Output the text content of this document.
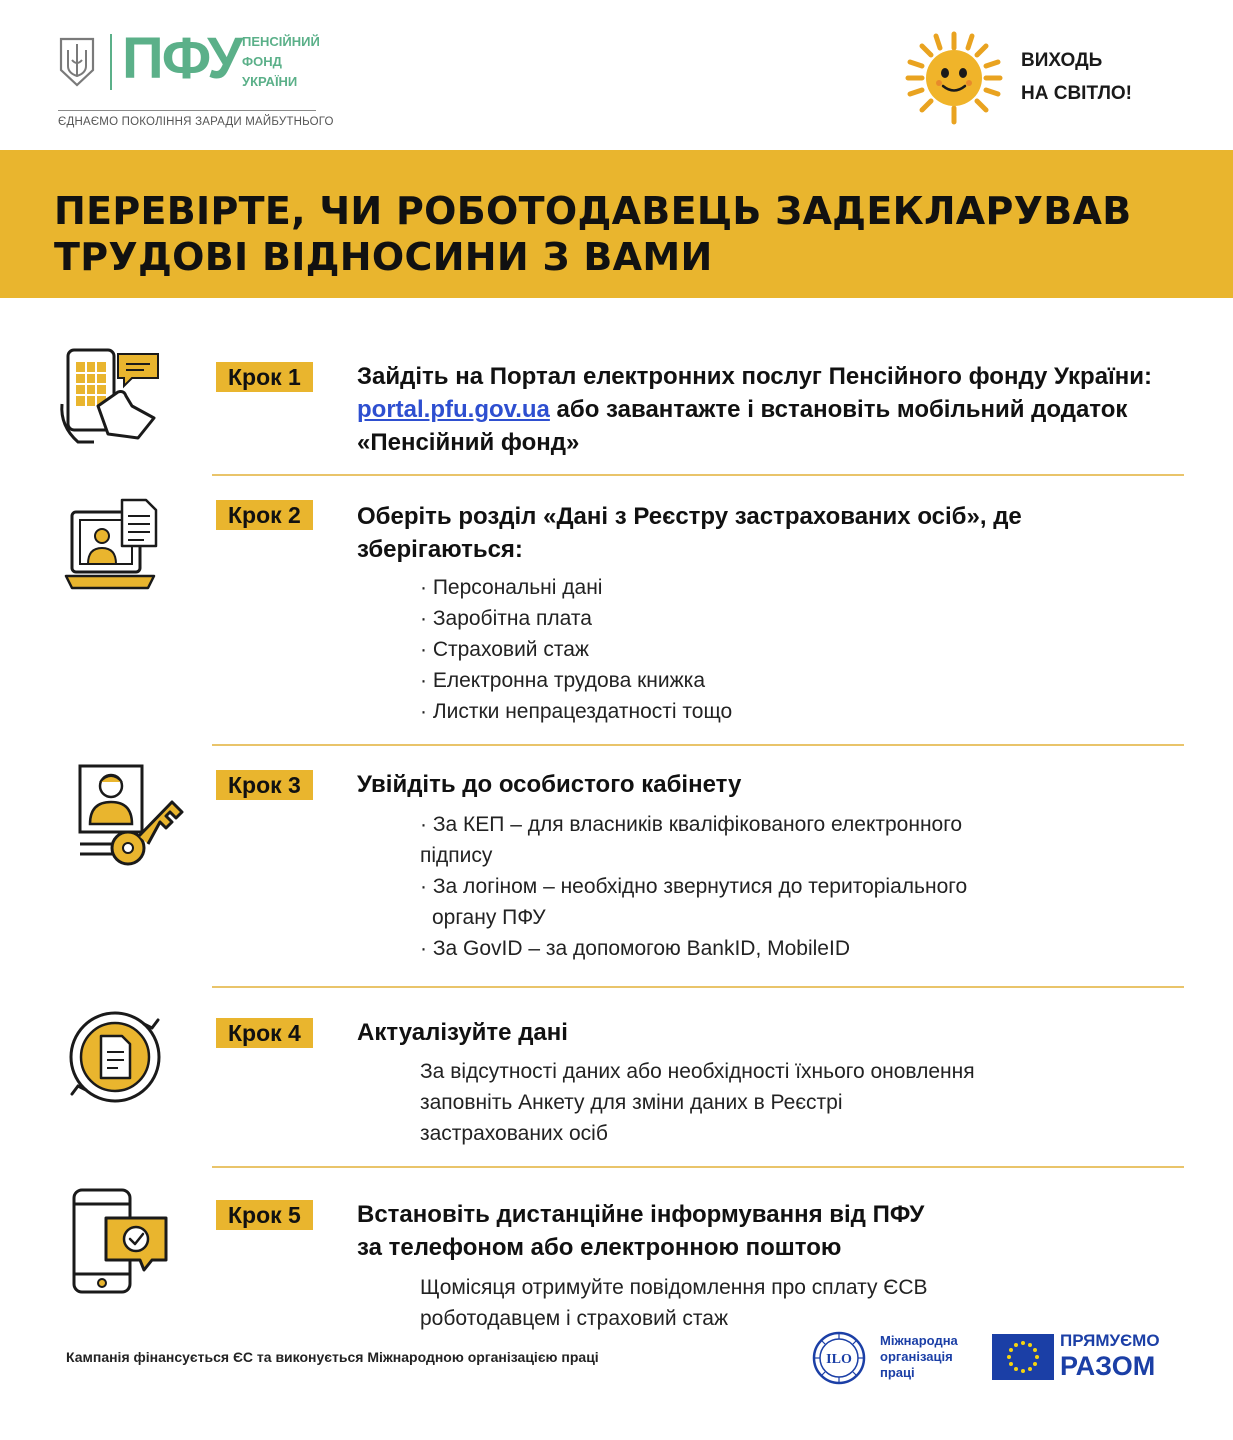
ПФУ ПЕНСІЙНИЙ
ФОНД
УКРАЇНИ
ЄДНАЄМО ПОКОЛІННЯ ЗАРАДИ МАЙБУТНЬОГО
ВИХОДЬ
НА СВІТЛО!
ПЕРЕВІРТЕ, ЧИ РОБОТОДАВЕЦЬ ЗАДЕКЛАРУВАВ
ТРУДОВІ ВІДНОСИНИ З ВАМИ
Крок 1	Зайдіть на Портал електронних послуг Пенсійного фонду України: portal.pfu.gov.ua або завантажте і встановіть мобільний додаток «Пенсійний фонд»
Крок 2	Оберіть розділ «Дані з Реєстру застрахованих осіб», де зберігаються:
· Персональні дані
· Заробітна плата
· Страховий стаж
· Електронна трудова книжка
· Листки непрацездатності тощо
Крок 3	Увійдіть до особистого кабінету
· За КЕП – для власників кваліфікованого електронного
підпису
· За логіном – необхідно звернутися до територіального
органу ПФУ
· За GovID – за допомогою BankID, MobileID
Крок 4	Актуалізуйте дані
За відсутності даних або необхідності їхнього оновлення
заповніть Анкету для зміни даних в Реєстрі
застрахованих осіб
Крок 5	Встановіть дистанційне інформування від ПФУ
за телефоном або електронною поштою
Щомісяця отримуйте повідомлення про сплату ЄСВ
роботодавцем і страховий стаж
Кампанія фінансується ЄС та виконується Міжнародною організацією праці	ILO
Міжнародна
організація
праці
ПРЯМУЄМО
РАЗОМ
